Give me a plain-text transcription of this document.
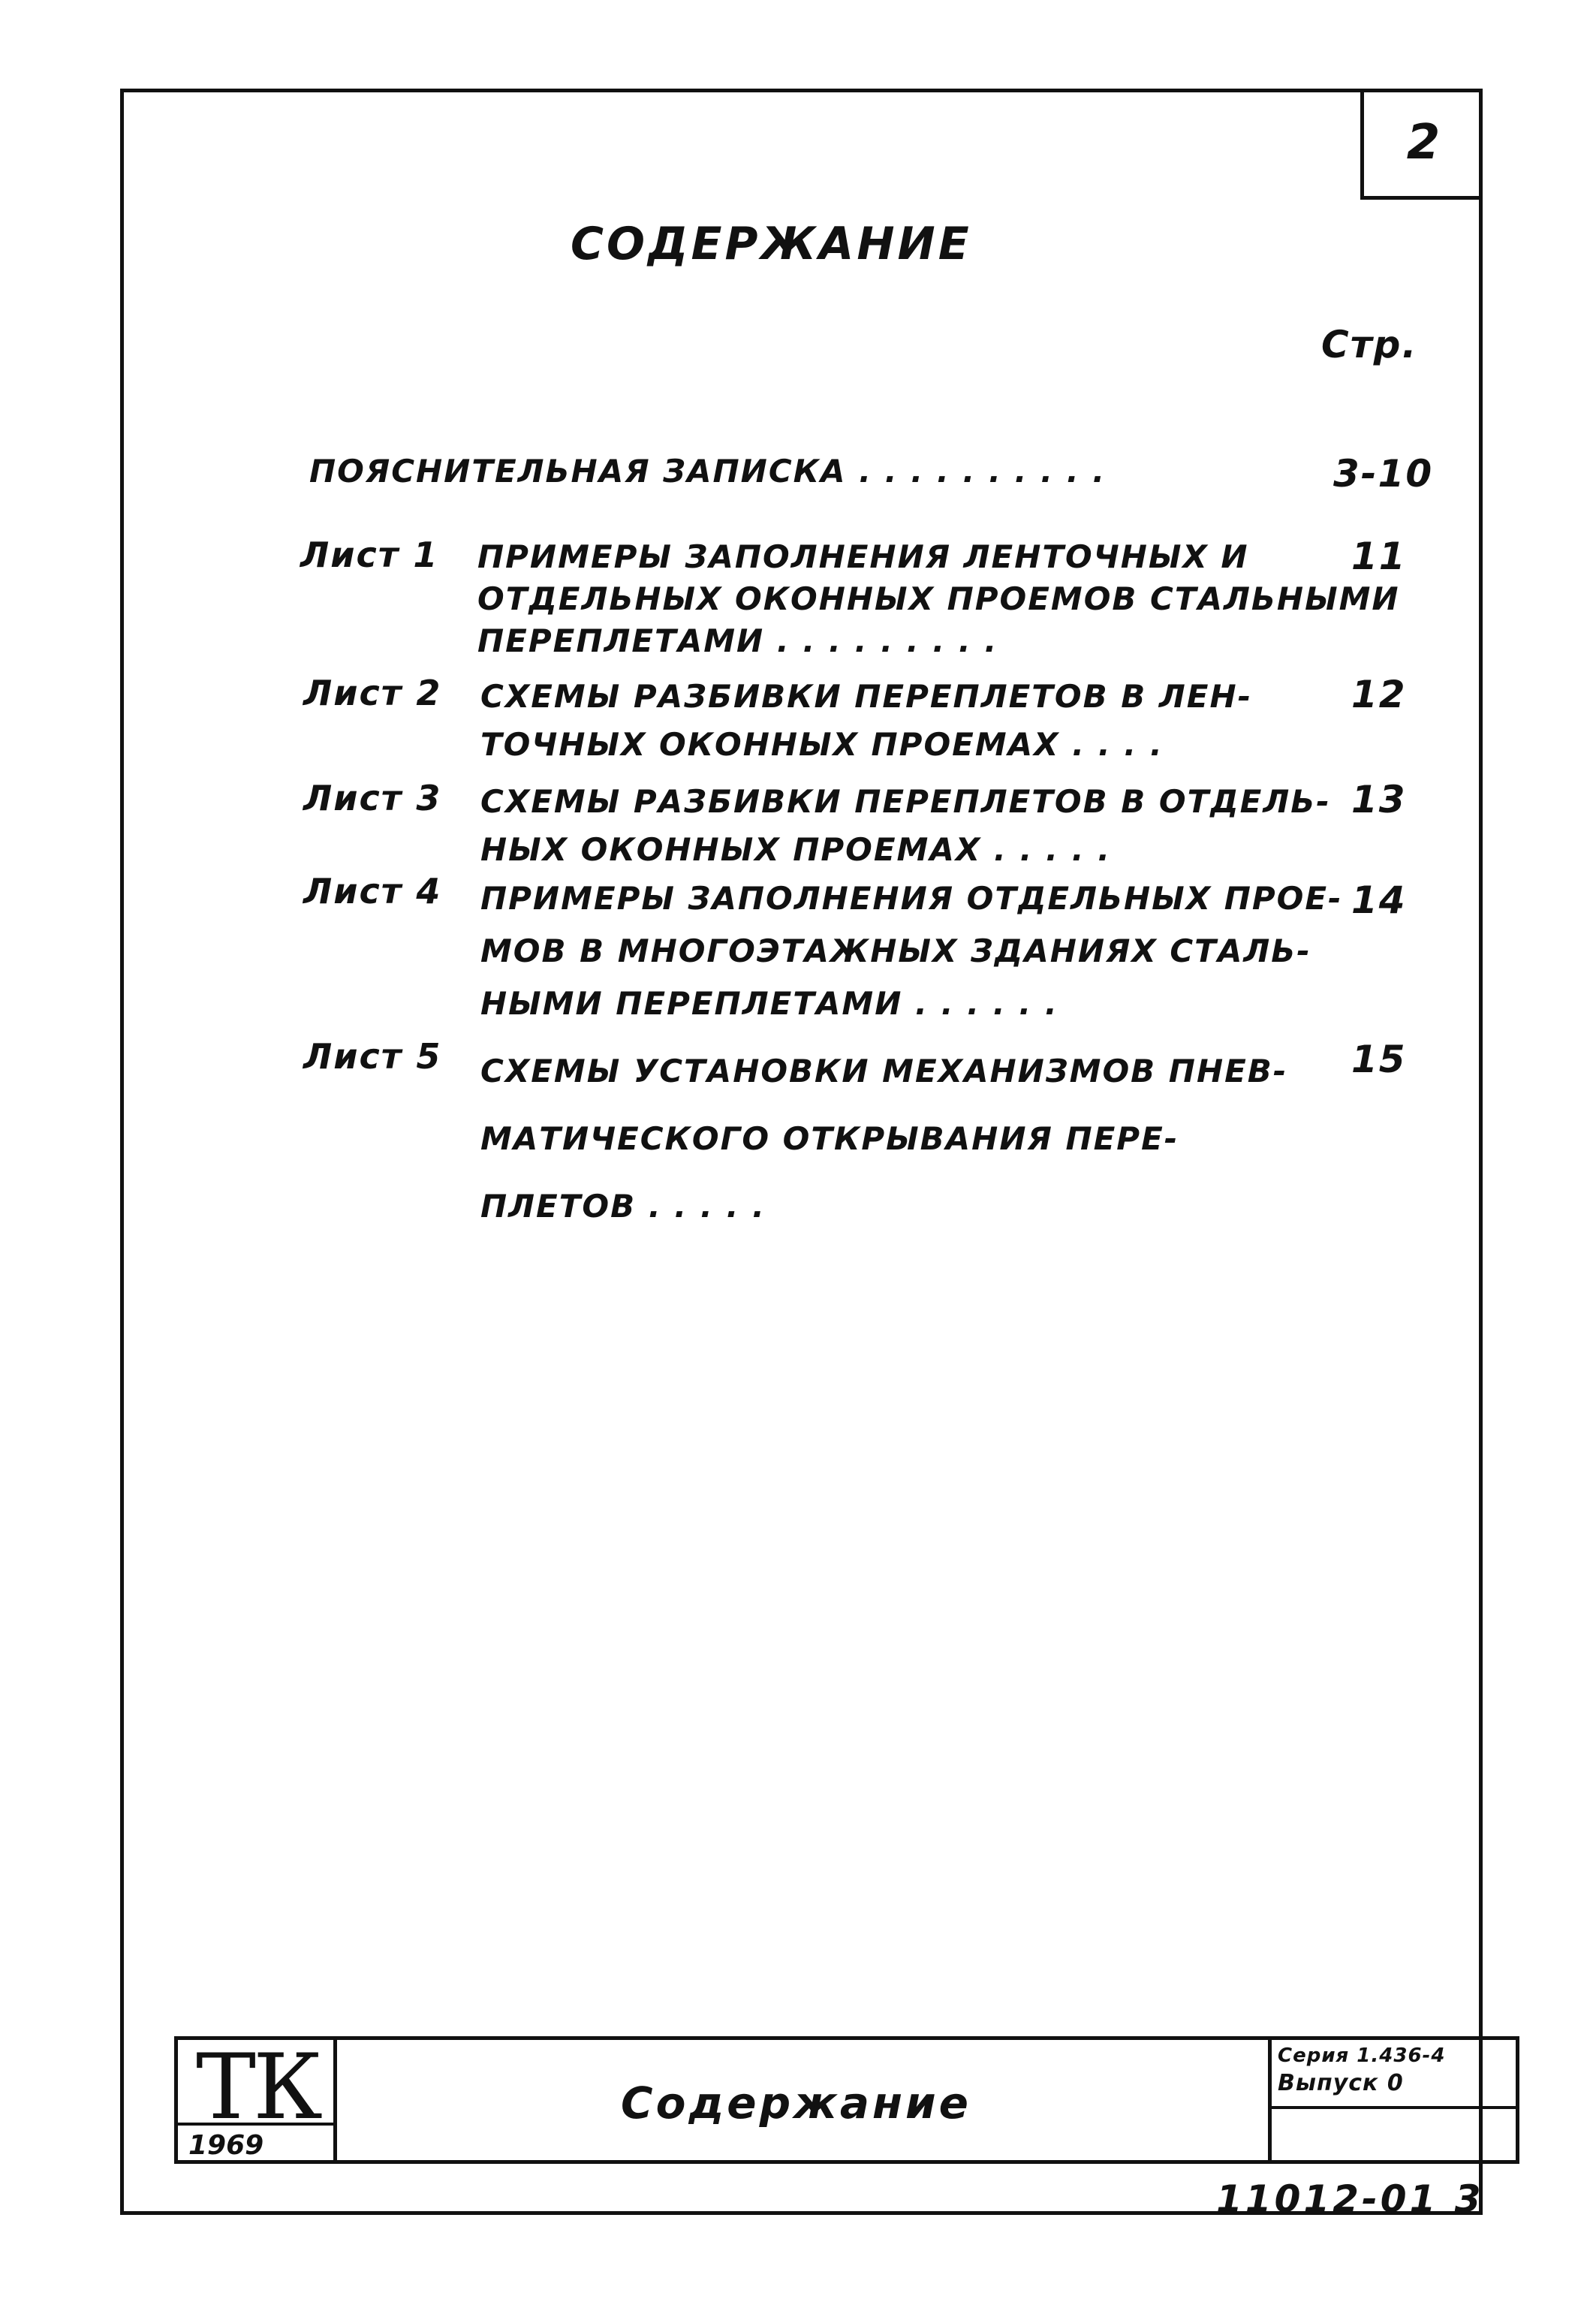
2
СОДЕРЖАНИЕ
Стр.
ПОЯСНИТЕЛЬНАЯ ЗАПИСКА . . . . . . . . . .	3-10
Лист 1 ПРИМЕРЫ ЗАПОЛНЕНИЯ ЛЕНТОЧНЫХ И
ОТДЕЛЬНЫХ ОКОННЫХ ПРОЕМОВ СТАЛЬНЫМИ
ПЕРЕПЛЕТАМИ . . . . . . . . .
11
Лист 2 СХЕМЫ РАЗБИВКИ ПЕРЕПЛЕТОВ В ЛЕН-
ТОЧНЫХ ОКОННЫХ ПРОЕМАХ . . . .
12
Лист 3 СХЕМЫ РАЗБИВКИ ПЕРЕПЛЕТОВ В ОТДЕЛЬ-
НЫХ ОКОННЫХ ПРОЕМАХ . . . . .
13
Лист 4 ПРИМЕРЫ ЗАПОЛНЕНИЯ ОТДЕЛЬНЫХ ПРОЕ-
МОВ В МНОГОЭТАЖНЫХ ЗДАНИЯХ СТАЛЬ-
НЫМИ ПЕРЕПЛЕТАМИ . . . . . .
14
Лист 5 СХЕМЫ УСТАНОВКИ МЕХАНИЗМОВ ПНЕВ-
МАТИЧЕСКОГО ОТКРЫВАНИЯ ПЕРЕ-
ПЛЕТОВ . . . . .
15
ТК
1969
Содержание
Серия 1.436-4
Выпуск 0
11012-01 3
